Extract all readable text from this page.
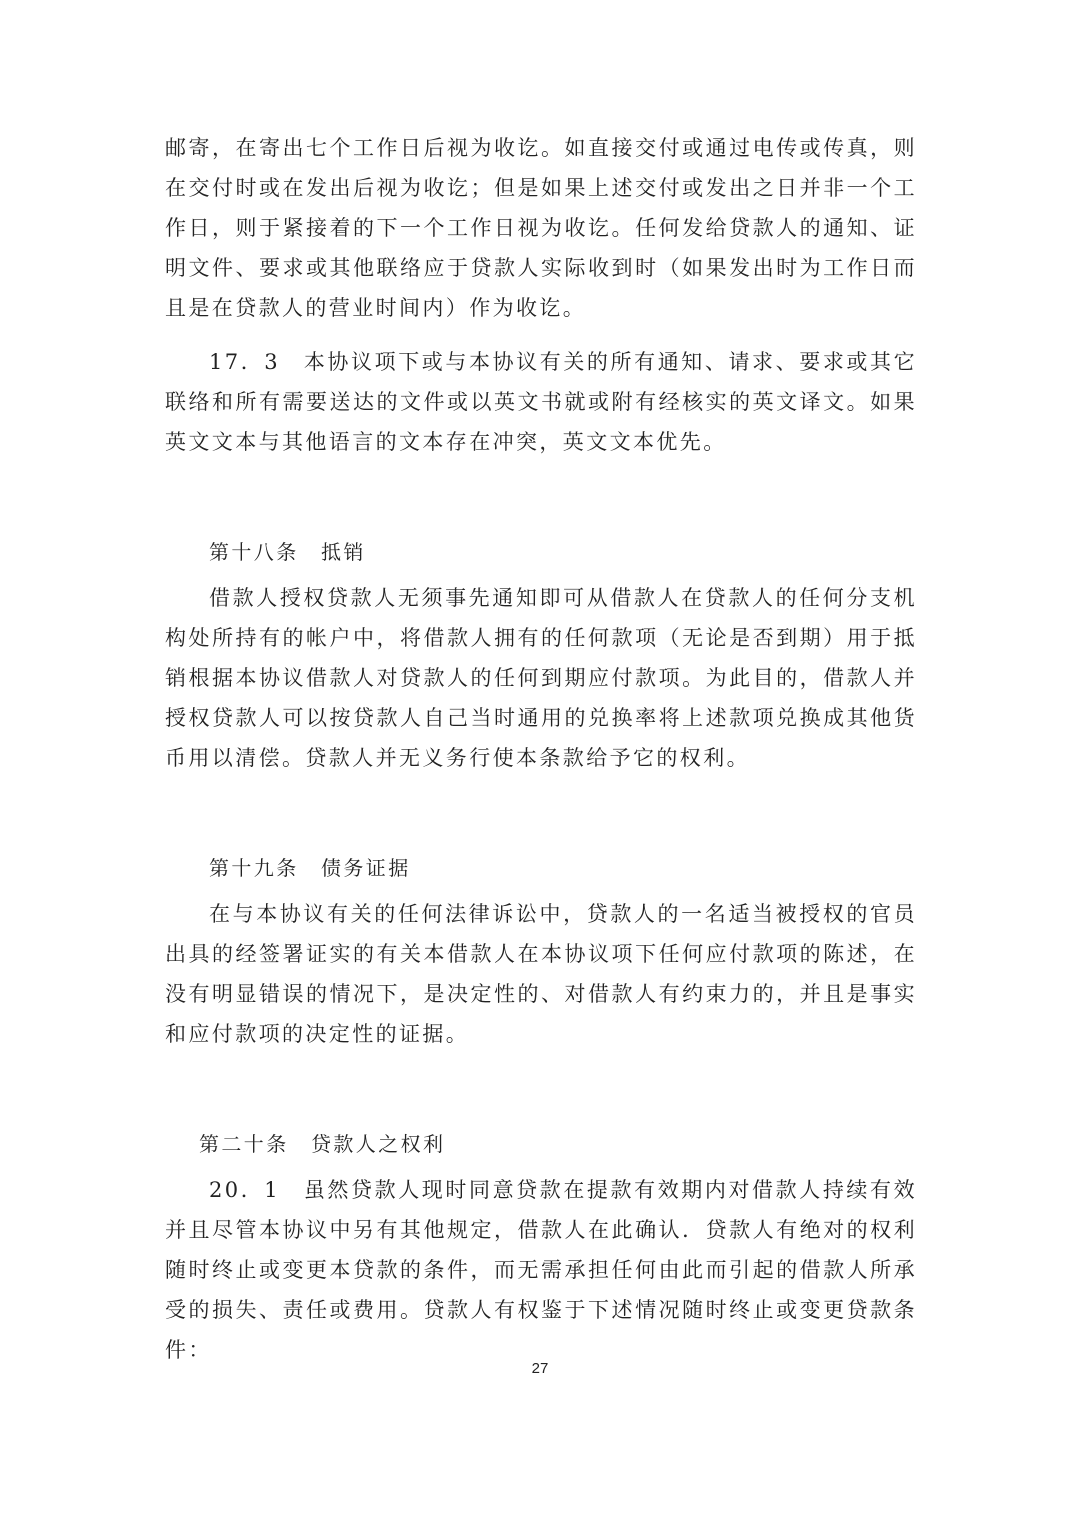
邮寄，在寄出七个工作日后视为收讫。如直接交付或通过电传或传真，则在交付时或在发出后视为收讫；但是如果上述交付或发出之日并非一个工作日，则于紧接着的下一个工作日视为收讫。任何发给贷款人的通知、证明文件、要求或其他联络应于贷款人实际收到时（如果发出时为工作日而且是在贷款人的营业时间内）作为收讫。

17．3　本协议项下或与本协议有关的所有通知、请求、要求或其它联络和所有需要送达的文件或以英文书就或附有经核实的英文译文。如果英文文本与其他语言的文本存在冲突，英文文本优先。

第十八条　抵销

借款人授权贷款人无须事先通知即可从借款人在贷款人的任何分支机构处所持有的帐户中，将借款人拥有的任何款项（无论是否到期）用于抵销根据本协议借款人对贷款人的任何到期应付款项。为此目的，借款人并授权贷款人可以按贷款人自己当时通用的兑换率将上述款项兑换成其他货币用以清偿。贷款人并无义务行使本条款给予它的权利。

第十九条　债务证据

在与本协议有关的任何法律诉讼中，贷款人的一名适当被授权的官员出具的经签署证实的有关本借款人在本协议项下任何应付款项的陈述，在没有明显错误的情况下，是决定性的、对借款人有约束力的，并且是事实和应付款项的决定性的证据。

第二十条　贷款人之权利

20．1　虽然贷款人现时同意贷款在提款有效期内对借款人持续有效并且尽管本协议中另有其他规定，借款人在此确认．贷款人有绝对的权利随时终止或变更本贷款的条件，而无需承担任何由此而引起的借款人所承受的损失、责任或费用。贷款人有权鉴于下述情况随时终止或变更贷款条件：

27
